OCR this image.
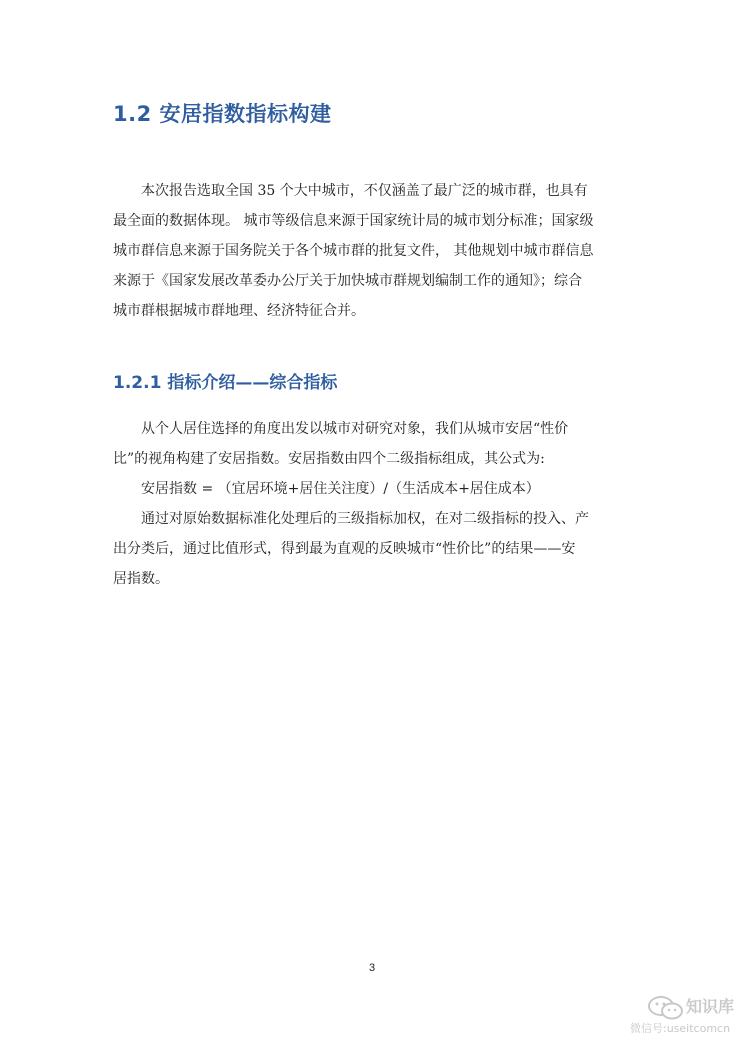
1.2 安居指数指标构建
　　本次报告选取全国 35 个大中城市，不仅涵盖了最广泛的城市群，也具有
最全面的数据体现。 城市等级信息来源于国家统计局的城市划分标准；国家级
城市群信息来源于国务院关于各个城市群的批复文件， 其他规划中城市群信息
来源于《国家发展改革委办公厅关于加快城市群规划编制工作的通知》；综合
城市群根据城市群地理、经济特征合并。
1.2.1 指标介绍——综合指标
　　从个人居住选择的角度出发以城市对研究对象，我们从城市安居“性价
比”的视角构建了安居指数。安居指数由四个二级指标组成，其公式为:
　　安居指数 = （宜居环境+居住关注度）/（生活成本+居住成本）
　　通过对原始数据标准化处理后的三级指标加权，在对二级指标的投入、产
出分类后，通过比值形式，得到最为直观的反映城市“性价比”的结果——安
居指数。
3
知识库
微信号:useitcomcn
